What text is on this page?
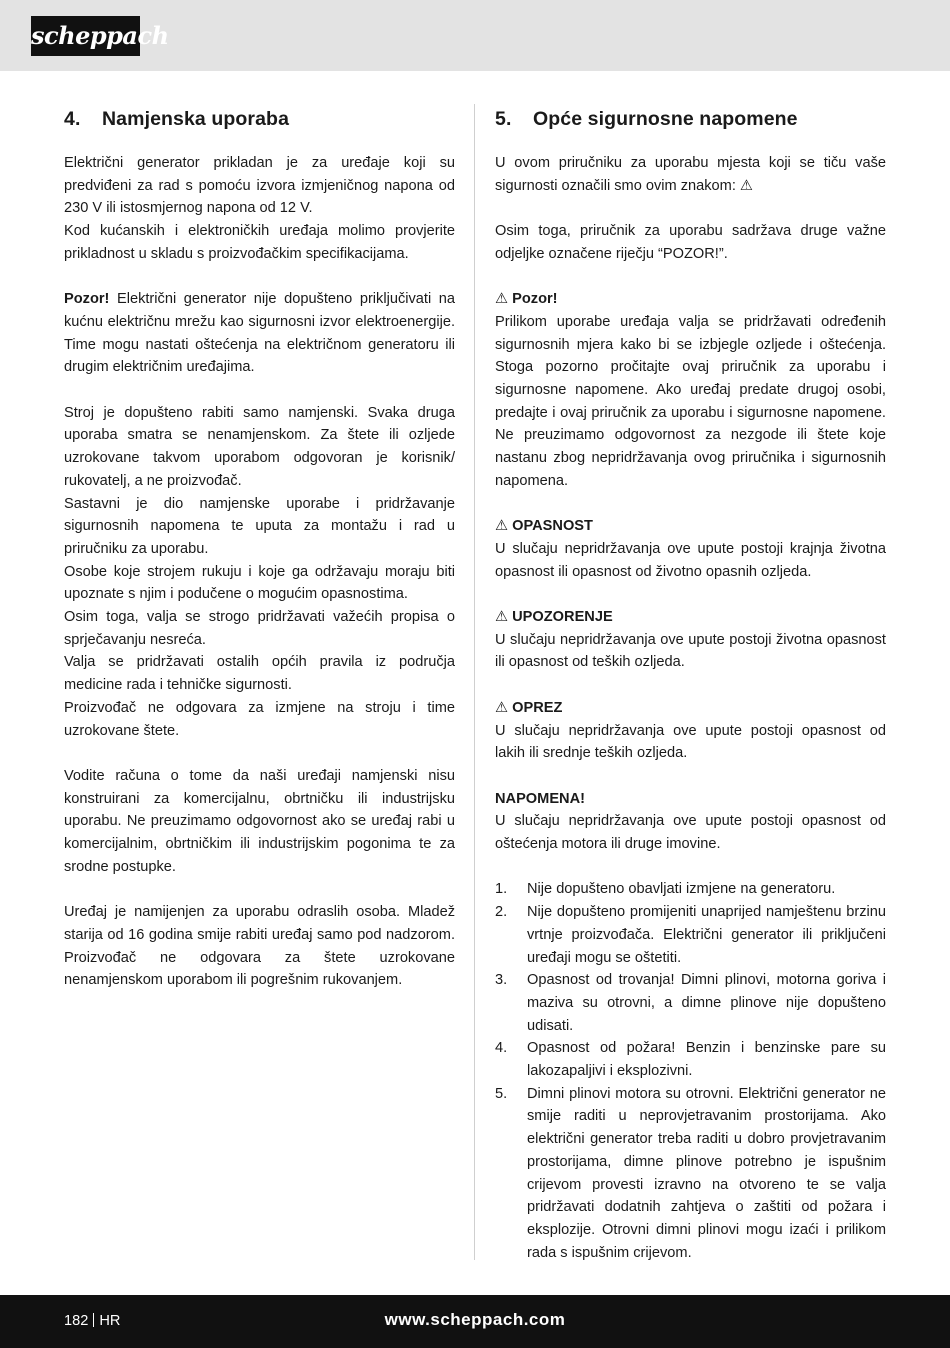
scheppach
4.	Namjenska uporaba

Električni generator prikladan je za uređaje koji su predviđeni za rad s pomoću izvora izmjeničnog napona od 230 V ili istosmjernog napona od 12 V.

Kod kućanskih i elektroničkih uređaja molimo provjerite prikladnost u skladu s proizvođačkim specifikacijama.

Pozor! Električni generator nije dopušteno priključivati na kućnu električnu mrežu kao sigurnosni izvor elektroenergije. Time mogu nastati oštećenja na električnom generatoru ili drugim električnim uređajima.

Stroj je dopušteno rabiti samo namjenski. Svaka druga uporaba smatra se nenamjenskom. Za štete ili ozljede uzrokovane takvom uporabom odgovoran je korisnik/ rukovatelj, a ne proizvođač.

Sastavni je dio namjenske uporabe i pridržavanje sigurnosnih napomena te uputa za montažu i rad u priručniku za uporabu.

Osobe koje strojem rukuju i koje ga održavaju moraju biti upoznate s njim i podučene o mogućim opasnostima.

Osim toga, valja se strogo pridržavati važećih propisa o sprječavanju nesreća.

Valja se pridržavati ostalih općih pravila iz područja medicine rada i tehničke sigurnosti.

Proizvođač ne odgovara za izmjene na stroju i time uzrokovane štete.

Vodite računa o tome da naši uređaji namjenski nisu konstruirani za komercijalnu, obrtničku ili industrijsku uporabu. Ne preuzimamo odgovornost ako se uređaj rabi u komercijalnim, obrtničkim ili industrijskim pogonima te za srodne postupke.

Uređaj je namijenjen za uporabu odraslih osoba. Mladež starija od 16 godina smije rabiti uređaj samo pod nadzorom. Proizvođač ne odgovara za štete uzrokovane nenamjenskom uporabom ili pogrešnim rukovanjem.

5.	Opće sigurnosne napomene

U ovom priručniku za uporabu mjesta koji se tiču vaše sigurnosti označili smo ovim znakom: ⚠

Osim toga, priručnik za uporabu sadržava druge važne odjeljke označene riječju “POZOR!”.

⚠ Pozor!

Prilikom uporabe uređaja valja se pridržavati određenih sigurnosnih mjera kako bi se izbjegle ozljede i oštećenja. Stoga pozorno pročitajte ovaj priručnik za uporabu i sigurnosne napomene. Ako uređaj predate drugoj osobi, predajte i ovaj priručnik za uporabu i sigurnosne napomene. Ne preuzimamo odgovornost za nezgode ili štete koje nastanu zbog nepridržavanja ovog priručnika i sigurnosnih napomena.

⚠ OPASNOST

U slučaju nepridržavanja ove upute postoji krajnja životna opasnost ili opasnost od životno opasnih ozljeda.

⚠ UPOZORENJE

U slučaju nepridržavanja ove upute postoji životna opasnost ili opasnost od teških ozljeda.

⚠ OPREZ

U slučaju nepridržavanja ove upute postoji opasnost od lakih ili srednje teških ozljeda.

NAPOMENA!

U slučaju nepridržavanja ove upute postoji opasnost od oštećenja motora ili druge imovine.

1.	Nije dopušteno obavljati izmjene na generatoru.
2.	Nije dopušteno promijeniti unaprijed namještenu brzinu vrtnje proizvođača. Električni generator ili priključeni uređaji mogu se oštetiti.
3.	Opasnost od trovanja! Dimni plinovi, motorna goriva i maziva su otrovni, a dimne plinove nije dopušteno udisati.
4.	Opasnost od požara! Benzin i benzinske pare su lakozapaljivi i eksplozivni.
5.	Dimni plinovi motora su otrovni. Električni generator ne smije raditi u neprovjetravanim prostorijama. Ako električni generator treba raditi u dobro provjetravanim prostorijama, dimne plinove potrebno je ispušnim crijevom provesti izravno na otvoreno te se valja pridržavati dodatnih zahtjeva o zaštiti od požara i eksplozije. Otrovni dimni plinovi mogu izaći i prilikom rada s ispušnim crijevom.
182 HR	www.scheppach.com
